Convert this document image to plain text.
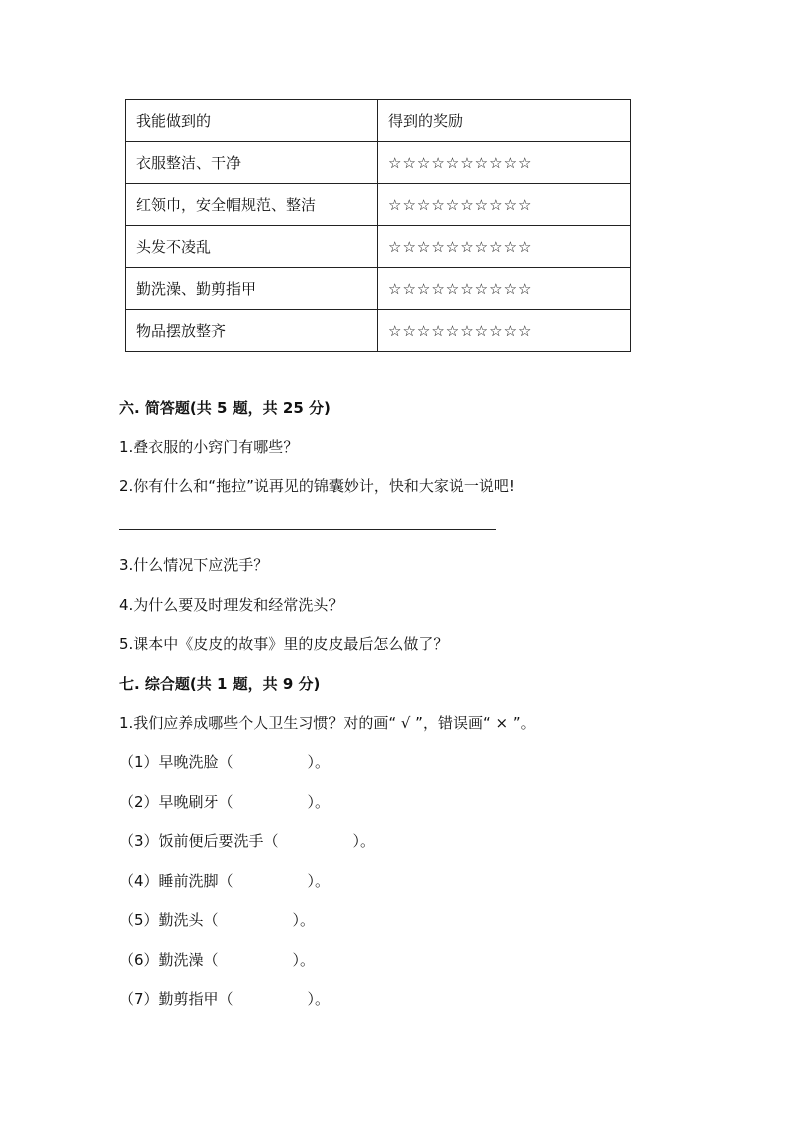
我能做到的	得到的奖励
衣服整洁、干净	☆☆☆☆☆☆☆☆☆☆
红领巾，安全帽规范、整洁	☆☆☆☆☆☆☆☆☆☆
头发不凌乱	☆☆☆☆☆☆☆☆☆☆
勤洗澡、勤剪指甲	☆☆☆☆☆☆☆☆☆☆
物品摆放整齐	☆☆☆☆☆☆☆☆☆☆
六. 简答题(共 5 题，共 25 分)
1.叠衣服的小窍门有哪些？
2.你有什么和“拖拉”说再见的锦囊妙计，快和大家说一说吧!
3.什么情况下应洗手？
4.为什么要及时理发和经常洗头？
5.课本中《皮皮的故事》里的皮皮最后怎么做了？
七. 综合题(共 1 题，共 9 分)
1.我们应养成哪些个人卫生习惯？对的画“ √ ”，错误画“ × ”。
（1）早晚洗脸（	）。
（2）早晚刷牙（	）。
（3）饭前便后要洗手（	）。
（4）睡前洗脚（	）。
（5）勤洗头（	）。
（6）勤洗澡（	）。
（7）勤剪指甲（	）。
